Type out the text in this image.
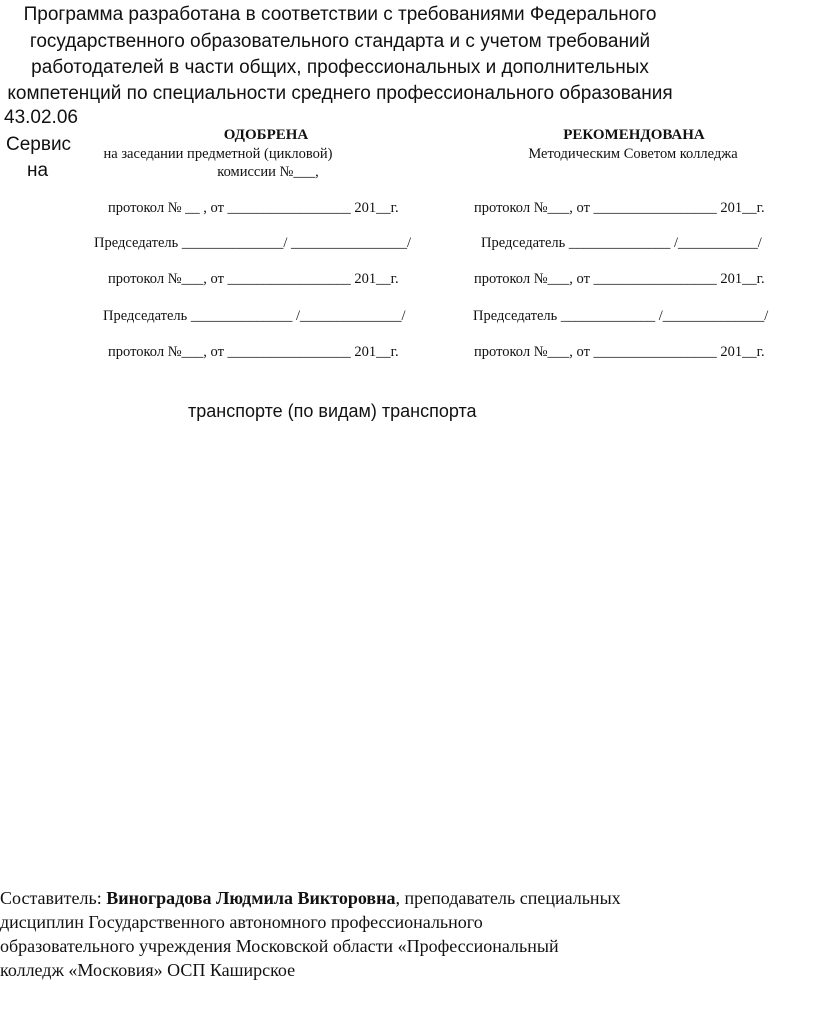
Программа разработана в соответствии с требованиями Федерального
государственного образовательного стандарта и с учетом требований
работодателей в части общих, профессиональных и дополнительных
компетенций по специальности среднего профессионального образования
43.02.06
Сервис
на
ОДОБРЕНА
на заседании предметной (цикловой)
комиссии №___,
РЕКОМЕНДОВАНА
Методическим Советом колледжа
протокол № __ , от _________________ 201__г.
Председатель ______________/ ________________/
протокол №___, от _________________ 201__г.
Председатель ______________ /______________/
протокол №___, от _________________ 201__г.
протокол №___, от _________________ 201__г.
Председатель ______________ /___________/
протокол №___, от _________________ 201__г.
Председатель _____________ /______________/
протокол №___, от _________________ 201__г.
транспорте (по видам) транспорта
Составитель: Виноградова Людмила Викторовна, преподаватель специальных
дисциплин Государственного автономного профессионального
образовательного учреждения Московской области «Профессиональный
колледж «Московия» ОСП Каширское
